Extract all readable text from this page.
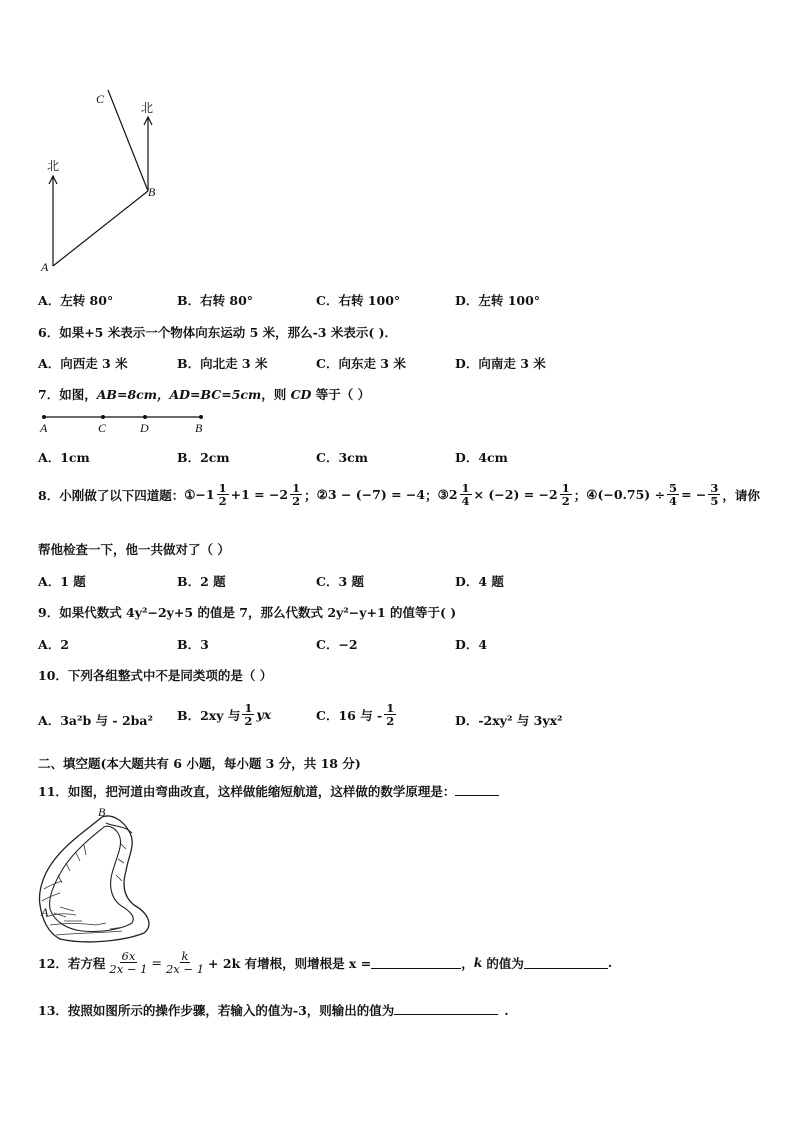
北
北
A
B
C
A．左转 80°	B．右转 80°	C．右转 100°	D．左转 100°
6．如果+5 米表示一个物体向东运动 5 米，那么-3 米表示( )．
A．向西走 3 米	B．向北走 3 米	C．向东走 3 米	D．向南走 3 米
7．如图，AB=8cm，AD=BC=5cm，则 CD 等于（ ）
A	C	D	B
A．1cm	B．2cm	C．3cm	D．4cm
8．小刚做了以下四道题： ①−1 $\frac{1}{2} +1 = -2 \frac{1}{2}$ ； ②3 − (−7) = −4 ； ③2 $\frac{1}{4} \times (-2) = -2 \frac{1}{2}$ ； ④(−0.75) ÷ $\frac{5}{4}$ = − $\frac{3}{5}$ ，请你
帮他检查一下，他一共做对了（ ）
A．1 题	B．2 题	C．3 题	D．4 题
9．如果代数式 4y²−2y+5 的值是 7，那么代数式 2y²−y+1 的值等于( )
A．2	B．3	C．−2	D．4
10．下列各组整式中不是同类项的是（ ）
A．3a²b 与 - 2ba² B．2xy 与 $\frac{1}{2}$ yx	C．16 与 - $\frac{1}{2}$	D．-2xy² 与 3yx²
二、填空题(本大题共有 6 小题，每小题 3 分，共 18 分)
11．如图，把河道由弯曲改直，这样做能缩短航道，这样做的数学原理是：
B
A
12．若方程 $\frac{6x}{2x - 1} = \frac{k}{2x - 1} + 2k$ 有增根，则增根是 x =	， k 的值为	.
13．按照如图所示的操作步骤，若输入的值为-3，则输出的值为	.
